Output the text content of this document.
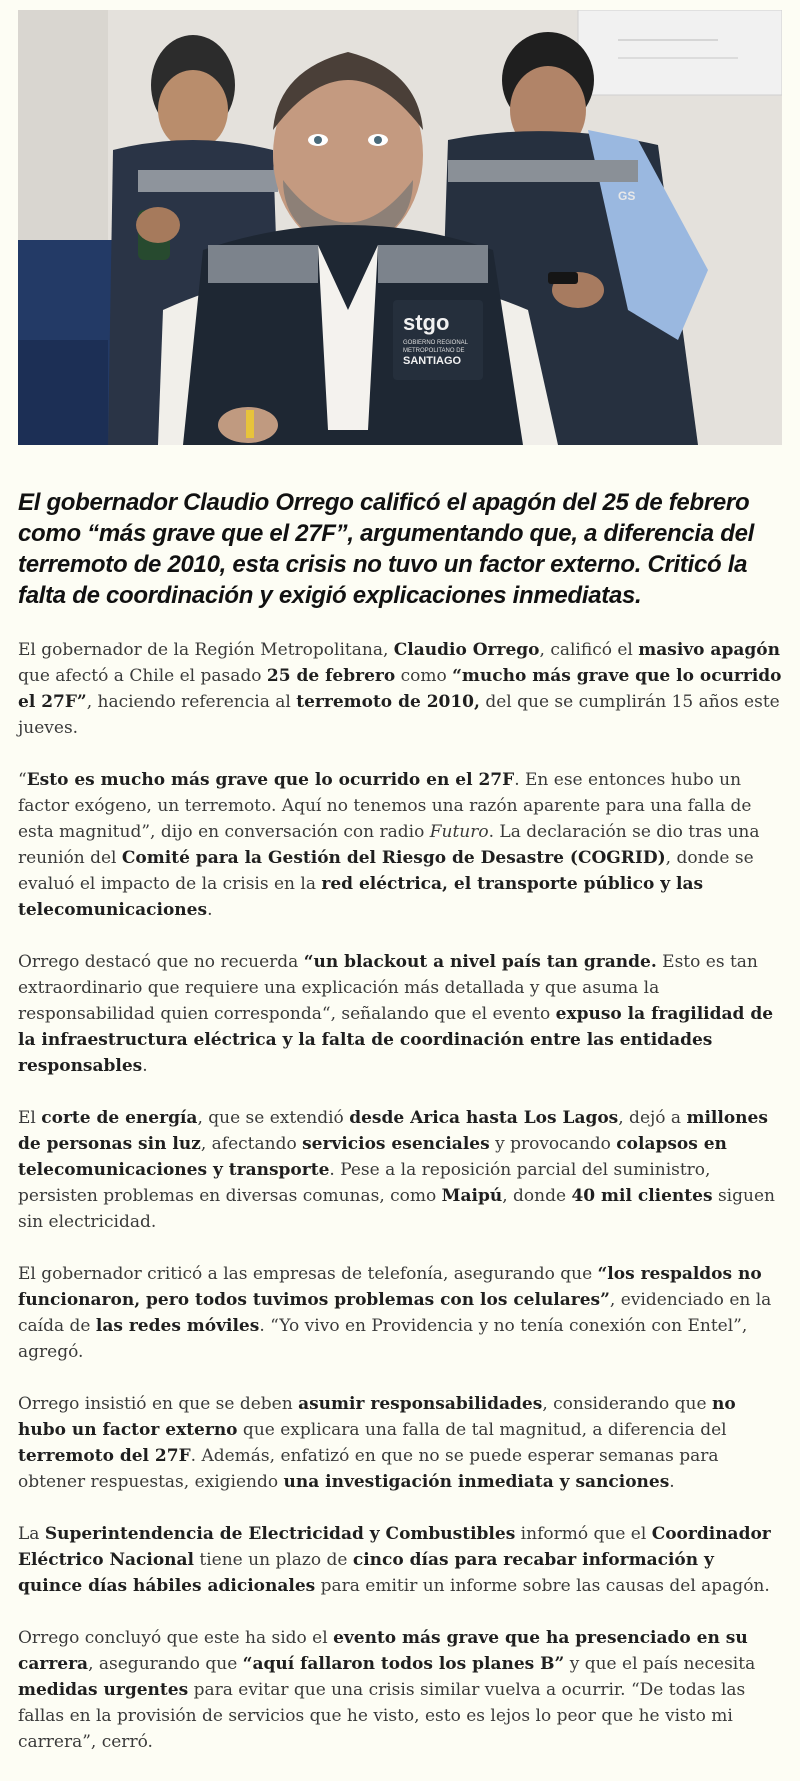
GS
stgo
GOBIERNO REGIONAL
METROPOLITANO DE
SANTIAGO
El gobernador Claudio Orrego calificó el apagón del 25 de febrero como “más grave que el 27F”, argumentando que, a diferencia del terremoto de 2010, esta crisis no tuvo un factor externo. Criticó la falta de coordinación y exigió explicaciones inmediatas.

El gobernador de la Región Metropolitana, Claudio Orrego, calificó el masivo apagón que afectó a Chile el pasado 25 de febrero como “mucho más grave que lo ocurrido el 27F”, haciendo referencia al terremoto de 2010, del que se cumplirán 15 años este jueves.

“Esto es mucho más grave que lo ocurrido en el 27F. En ese entonces hubo un factor exógeno, un terremoto. Aquí no tenemos una razón aparente para una falla de esta magnitud”, dijo en conversación con radio Futuro. La declaración se dio tras una reunión del Comité para la Gestión del Riesgo de Desastre (COGRID), donde se evaluó el impacto de la crisis en la red eléctrica, el transporte público y las telecomunicaciones.

Orrego destacó que no recuerda “un blackout a nivel país tan grande. Esto es tan extraordinario que requiere una explicación más detallada y que asuma la responsabilidad quien corresponda“, señalando que el evento expuso la fragilidad de la infraestructura eléctrica y la falta de coordinación entre las entidades responsables.

El corte de energía, que se extendió desde Arica hasta Los Lagos, dejó a millones de personas sin luz, afectando servicios esenciales y provocando colapsos en telecomunicaciones y transporte. Pese a la reposición parcial del suministro, persisten problemas en diversas comunas, como Maipú, donde 40 mil clientes siguen sin electricidad.

El gobernador criticó a las empresas de telefonía, asegurando que “los respaldos no funcionaron, pero todos tuvimos problemas con los celulares”, evidenciado en la caída de las redes móviles. “Yo vivo en Providencia y no tenía conexión con Entel”, agregó.

Orrego insistió en que se deben asumir responsabilidades, considerando que no hubo un factor externo que explicara una falla de tal magnitud, a diferencia del terremoto del 27F. Además, enfatizó en que no se puede esperar semanas para obtener respuestas, exigiendo una investigación inmediata y sanciones.

La Superintendencia de Electricidad y Combustibles informó que el Coordinador Eléctrico Nacional tiene un plazo de cinco días para recabar información y quince días hábiles adicionales para emitir un informe sobre las causas del apagón.

Orrego concluyó que este ha sido el evento más grave que ha presenciado en su carrera, asegurando que “aquí fallaron todos los planes B” y que el país necesita medidas urgentes para evitar que una crisis similar vuelva a ocurrir. “De todas las fallas en la provisión de servicios que he visto, esto es lejos lo peor que he visto mi carrera”, cerró.
